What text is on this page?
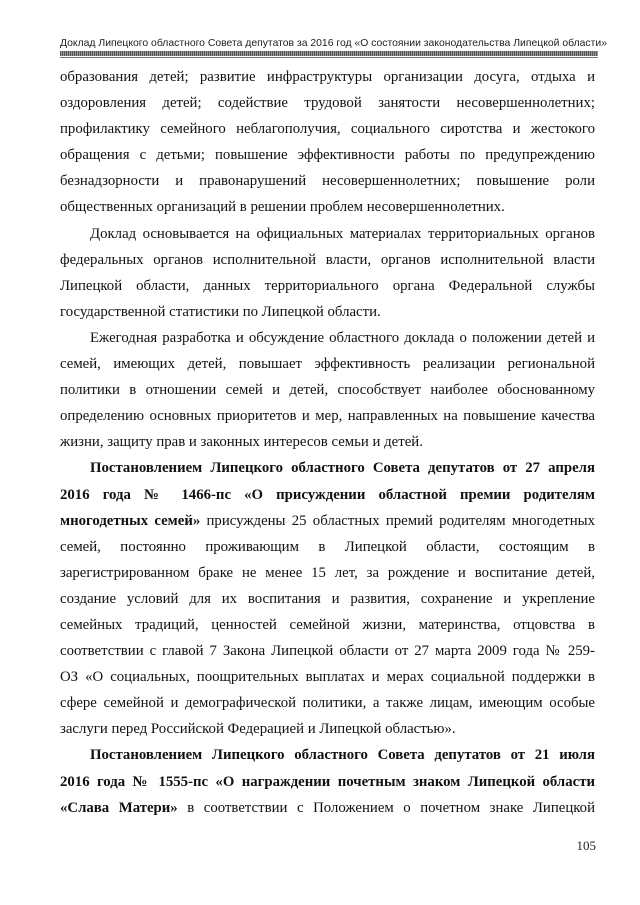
Доклад Липецкого областного Совета депутатов за 2016 год «О состоянии законодательства Липецкой области»

образования детей; развитие инфраструктуры организации досуга, отдыха и
оздоровления детей; содействие трудовой занятости несовершеннолетних;
профилактику семейного неблагополучия, социального сиротства и жестокого
обращения с детьми; повышение эффективности работы по предупреждению
безнадзорности и правонарушений несовершеннолетних; повышение роли
общественных организаций в решении проблем несовершеннолетних.

Доклад основывается на официальных материалах территориальных органов
федеральных органов исполнительной власти, органов исполнительной власти
Липецкой области, данных территориального органа Федеральной службы
государственной статистики по Липецкой области.

Ежегодная разработка и обсуждение областного доклада о положении детей и
семей, имеющих детей, повышает эффективность реализации региональной
политики в отношении семей и детей, способствует наиболее обоснованному
определению основных приоритетов и мер, направленных на повышение качества
жизни, защиту прав и законных интересов семьи и детей.

Постановлением Липецкого областного Совета депутатов от 27 апреля
2016 года № 1466-пс «О присуждении областной премии родителям
многодетных семей» присуждены 25 областных премий родителям многодетных
семей, постоянно проживающим в Липецкой области, состоящим в
зарегистрированном браке не менее 15 лет, за рождение и воспитание детей,
создание условий для их воспитания и развития, сохранение и укрепление
семейных традиций, ценностей семейной жизни, материнства, отцовства в
соответствии с главой 7 Закона Липецкой области от 27 марта 2009 года № 259-
ОЗ «О социальных, поощрительных выплатах и мерах социальной поддержки в
сфере семейной и демографической политики, а также лицам, имеющим особые
заслуги перед Российской Федерацией и Липецкой областью».

Постановлением Липецкого областного Совета депутатов от 21 июля
2016 года № 1555-пс «О награждении почетным знаком Липецкой области
«Слава Матери» в соответствии с Положением о почетном знаке Липецкой

105
